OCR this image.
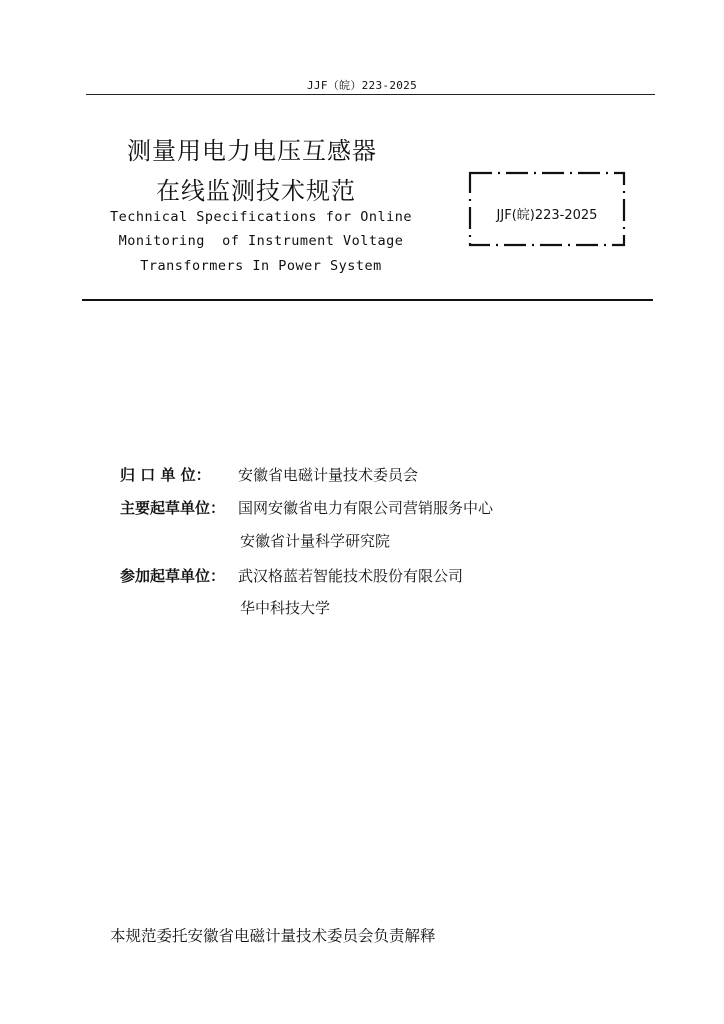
JJF（皖）223-2025
测量用电力电压互感器
在线监测技术规范
Technical Specifications for Online
Monitoring  of Instrument Voltage
Transformers In Power System
JJF(皖)223-2025
归 口 单 位： 安徽省电磁计量技术委员会
主要起草单位： 国网安徽省电力有限公司营销服务中心
安徽省计量科学研究院
参加起草单位： 武汉格蓝若智能技术股份有限公司
华中科技大学
本规范委托安徽省电磁计量技术委员会负责解释
